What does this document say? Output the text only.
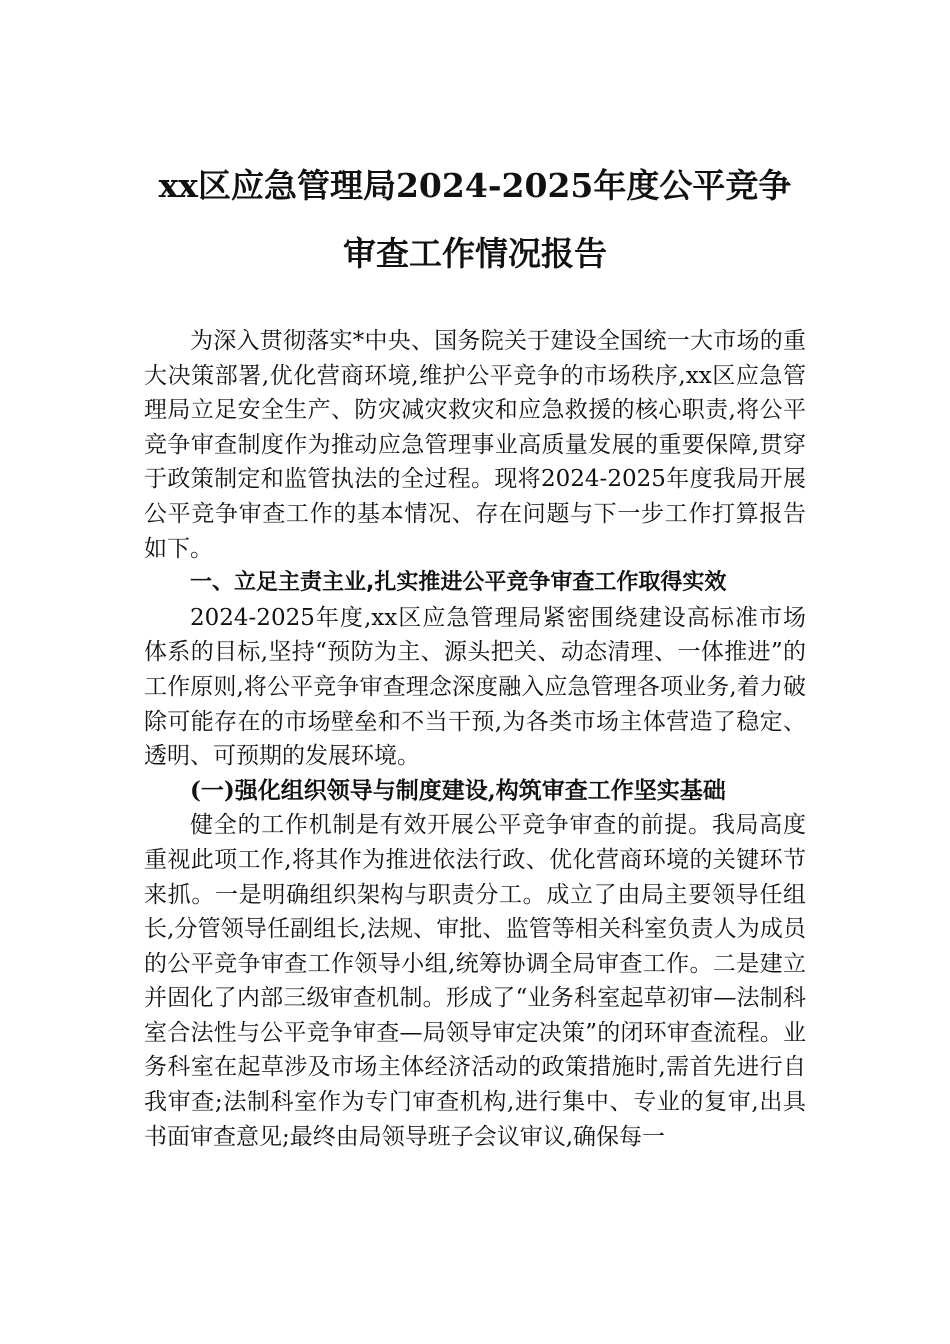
xx区应急管理局2024-2025年度公平竞争
审查工作情况报告

为深入贯彻落实*中央、国务院关于建设全国统一大市场的重大决策部署,优化营商环境,维护公平竞争的市场秩序,xx区应急管理局立足安全生产、防灾减灾救灾和应急救援的核心职责,将公平竞争审查制度作为推动应急管理事业高质量发展的重要保障,贯穿于政策制定和监管执法的全过程。现将2024-2025年度我局开展公平竞争审查工作的基本情况、存在问题与下一步工作打算报告如下。

一、立足主责主业,扎实推进公平竞争审查工作取得实效

2024-2025年度,xx区应急管理局紧密围绕建设高标准市场体系的目标,坚持“预防为主、源头把关、动态清理、一体推进”的工作原则,将公平竞争审查理念深度融入应急管理各项业务,着力破除可能存在的市场壁垒和不当干预,为各类市场主体营造了稳定、透明、可预期的发展环境。

(一)强化组织领导与制度建设,构筑审查工作坚实基础

健全的工作机制是有效开展公平竞争审查的前提。我局高度重视此项工作,将其作为推进依法行政、优化营商环境的关键环节来抓。一是明确组织架构与职责分工。成立了由局主要领导任组长,分管领导任副组长,法规、审批、监管等相关科室负责人为成员的公平竞争审查工作领导小组,统筹协调全局审查工作。二是建立并固化了内部三级审查机制。形成了“业务科室起草初审—法制科室合法性与公平竞争审查—局领导审定决策”的闭环审查流程。业务科室在起草涉及市场主体经济活动的政策措施时,需首先进行自我审查;法制科室作为专门审查机构,进行集中、专业的复审,出具书面审查意见;最终由局领导班子会议审议,确保每一
